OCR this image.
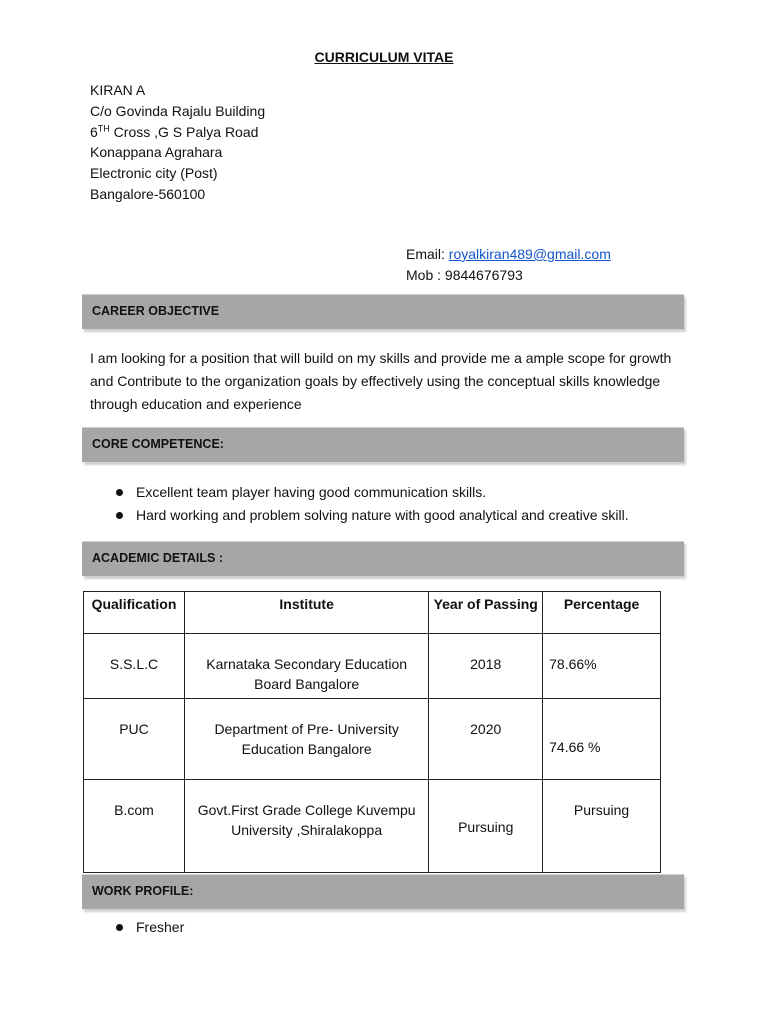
CURRICULUM VITAE
KIRAN A
C/o Govinda Rajalu Building
6TH Cross ,G S Palya Road
Konappana Agrahara
Electronic city (Post)
Bangalore-560100
Email: royalkiran489@gmail.com
Mob : 9844676793
CAREER OBJECTIVE
I am looking for a position that will build on my skills and provide me a ample scope for growth and Contribute to the organization goals by effectively using the conceptual skills knowledge through education and experience
CORE COMPETENCE:
Excellent team player having good communication skills.
Hard working and problem solving nature with good analytical and creative skill.
ACADEMIC DETAILS :
Qualification	Institute	Year of Passing	Percentage
S.S.L.C	Karnataka Secondary Education Board Bangalore	2018	78.66%
PUC	Department of Pre- University Education Bangalore	2020	74.66 %
B.com	Govt.First Grade College Kuvempu University ,Shiralakoppa	Pursuing	Pursuing
WORK PROFILE:
Fresher
